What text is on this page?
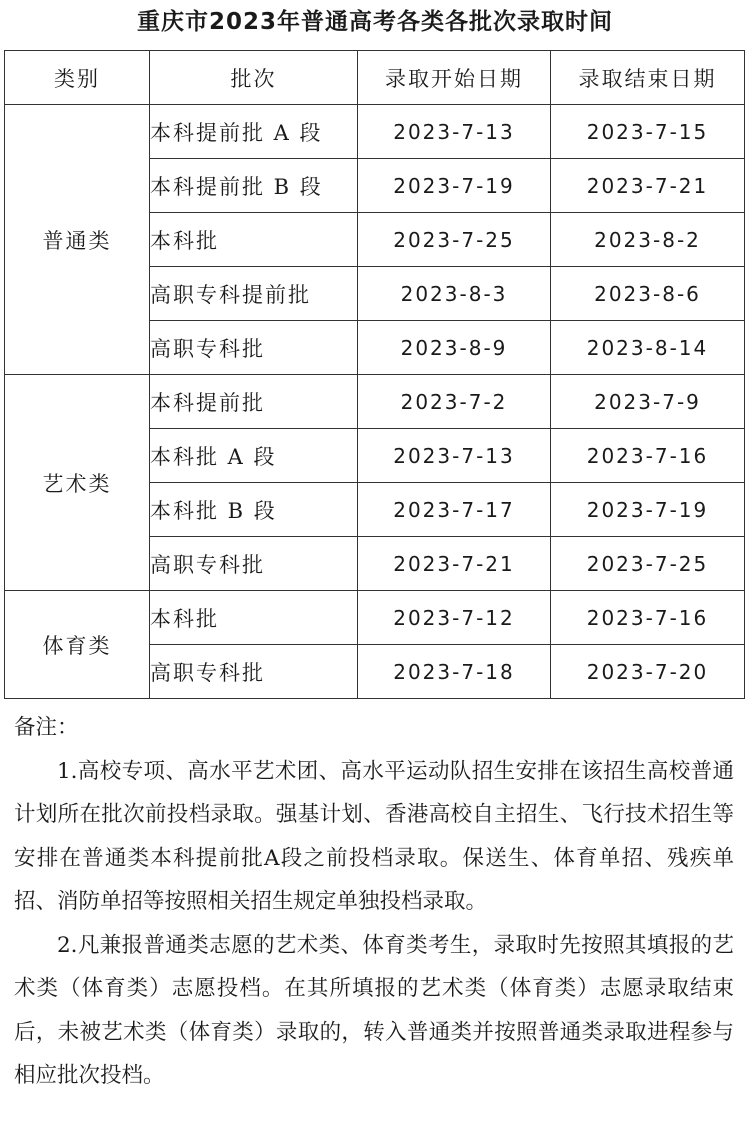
重庆市2023年普通高考各类各批次录取时间
类别	批次	录取开始日期	录取结束日期
普通类	本科提前批 A 段	2023-7-13	2023-7-15
	本科提前批 B 段	2023-7-19	2023-7-21
	本科批	2023-7-25	2023-8-2
	高职专科提前批	2023-8-3	2023-8-6
	高职专科批	2023-8-9	2023-8-14
艺术类	本科提前批	2023-7-2	2023-7-9
	本科批 A 段	2023-7-13	2023-7-16
	本科批 B 段	2023-7-17	2023-7-19
	高职专科批	2023-7-21	2023-7-25
体育类	本科批	2023-7-12	2023-7-16
	高职专科批	2023-7-18	2023-7-20

备注：

1.高校专项、高水平艺术团、高水平运动队招生安排在该招生高校普通计划所在批次前投档录取。强基计划、香港高校自主招生、飞行技术招生等安排在普通类本科提前批A段之前投档录取。保送生、体育单招、残疾单招、消防单招等按照相关招生规定单独投档录取。

2.凡兼报普通类志愿的艺术类、体育类考生，录取时先按照其填报的艺术类（体育类）志愿投档。在其所填报的艺术类（体育类）志愿录取结束后，未被艺术类（体育类）录取的，转入普通类并按照普通类录取进程参与相应批次投档。
